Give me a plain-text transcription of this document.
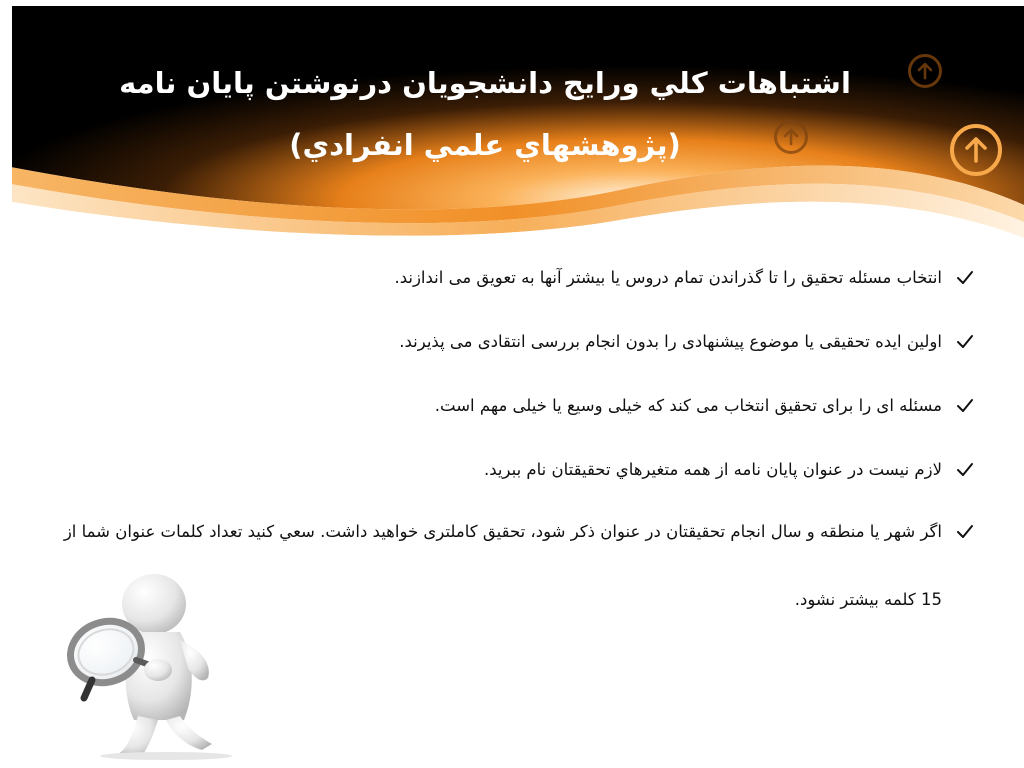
اشتباهات كلي ورايج دانشجويان درنوشتن پايان نامه
(پژوهشهاي علمي انفرادي)
انتخاب مسئله تحقيق را تا گذراندن تمام دروس يا بيشتر آنها به تعويق می اندازند.
اولين ايده تحقيقی يا موضوع پيشنهادی را بدون انجام بررسی انتقادی می پذيرند.
مسئله ای را برای تحقيق انتخاب می كند كه خيلی وسيع يا خيلی مهم است.
لازم نيست در عنوان پايان نامه از همه متغيرهاي تحقيقتان نام ببريد.
اگر شهر يا منطقه و سال انجام تحقيقتان در عنوان ذكر شود، تحقيق كاملتری خواهيد داشت. سعي كنيد تعداد كلمات عنوان شما از 15 كلمه بيشتر نشود.
